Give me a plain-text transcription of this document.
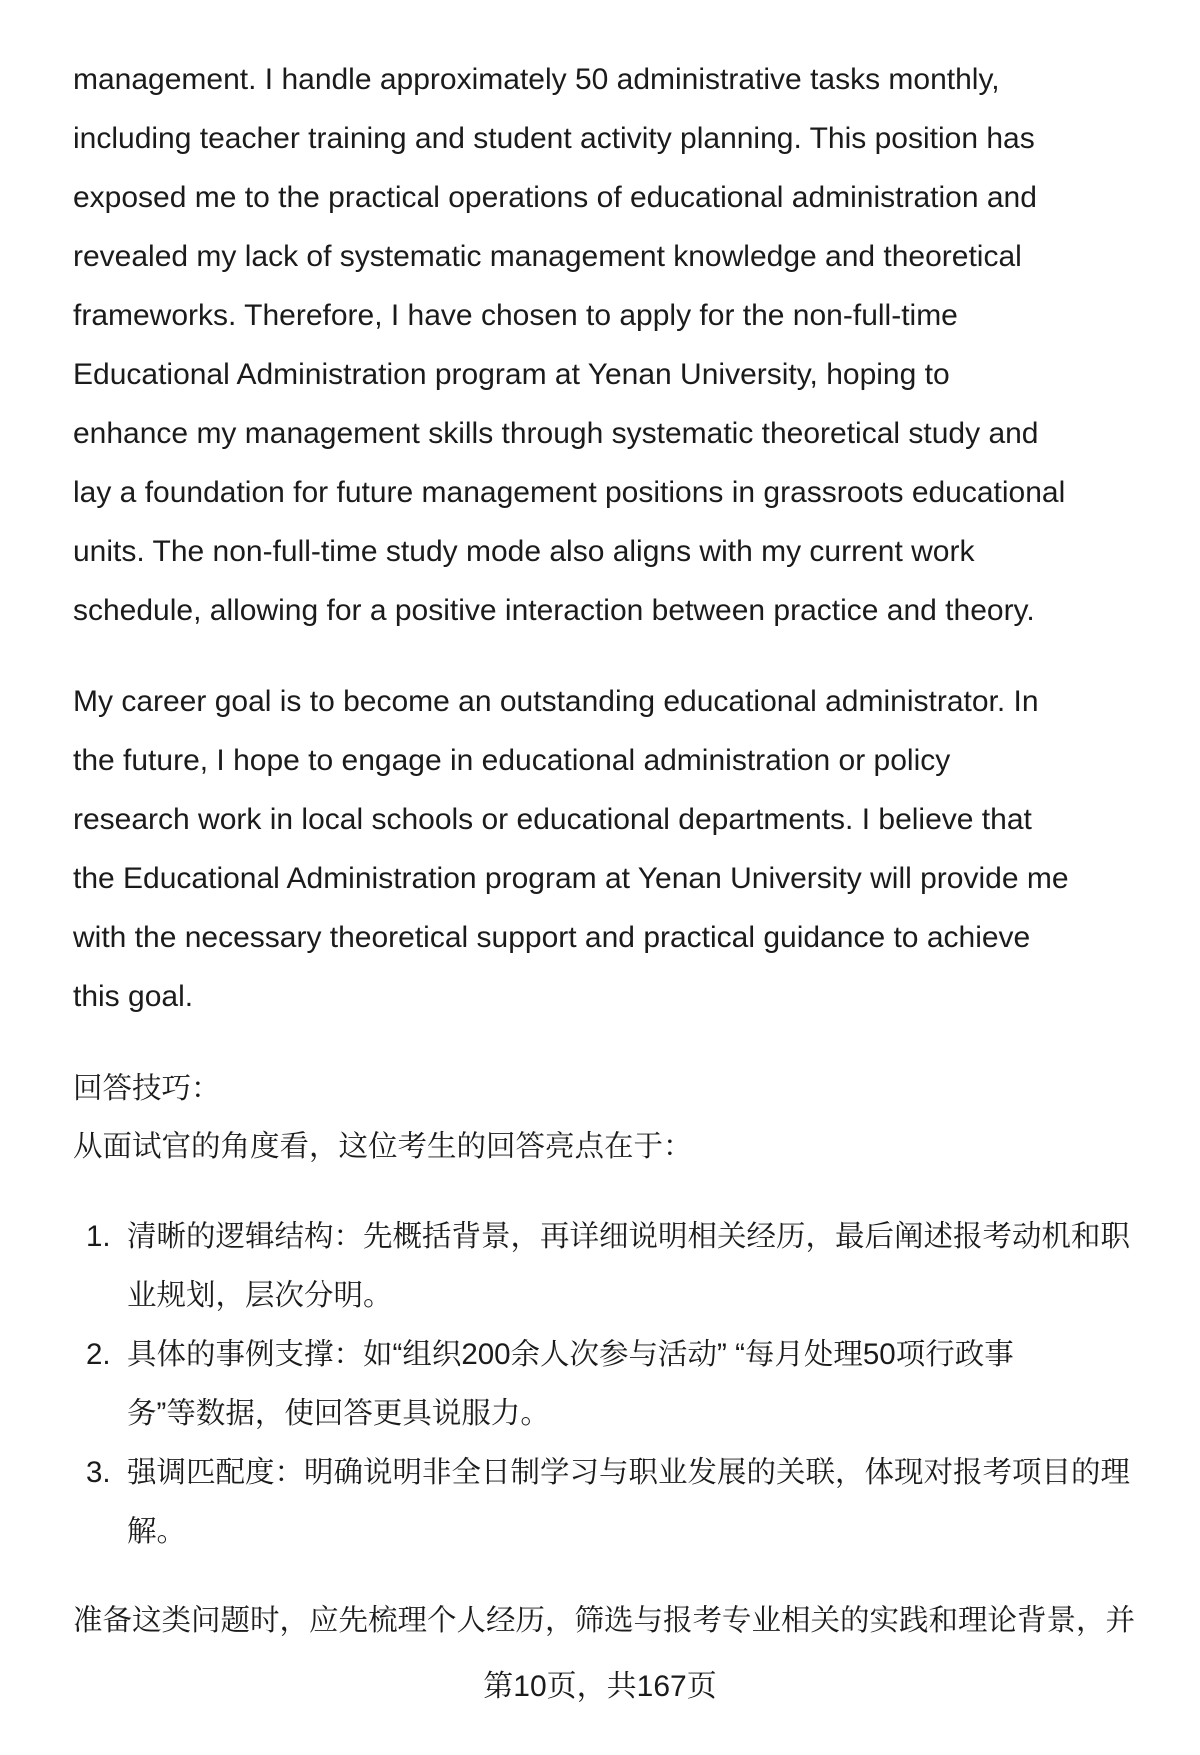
management. I handle approximately 50 administrative tasks monthly,
including teacher training and student activity planning. This position has
exposed me to the practical operations of educational administration and
revealed my lack of systematic management knowledge and theoretical
frameworks. Therefore, I have chosen to apply for the non-full-time
Educational Administration program at Yenan University, hoping to
enhance my management skills through systematic theoretical study and
lay a foundation for future management positions in grassroots educational
units. The non-full-time study mode also aligns with my current work
schedule, allowing for a positive interaction between practice and theory.

My career goal is to become an outstanding educational administrator. In
the future, I hope to engage in educational administration or policy
research work in local schools or educational departments. I believe that
the Educational Administration program at Yenan University will provide me
with the necessary theoretical support and practical guidance to achieve
this goal.

回答技巧：
从面试官的角度看，这位考生的回答亮点在于：
1. 清晰的逻辑结构：先概括背景，再详细说明相关经历，最后阐述报考动机和职
业规划，层次分明。
2. 具体的事例支撑：如“组织200余人次参与活动” “每月处理50项行政事
务”等数据，使回答更具说服力。
3. 强调匹配度：明确说明非全日制学习与职业发展的关联，体现对报考项目的理
解。
准备这类问题时，应先梳理个人经历，筛选与报考专业相关的实践和理论背景，并
第10页，共167页
